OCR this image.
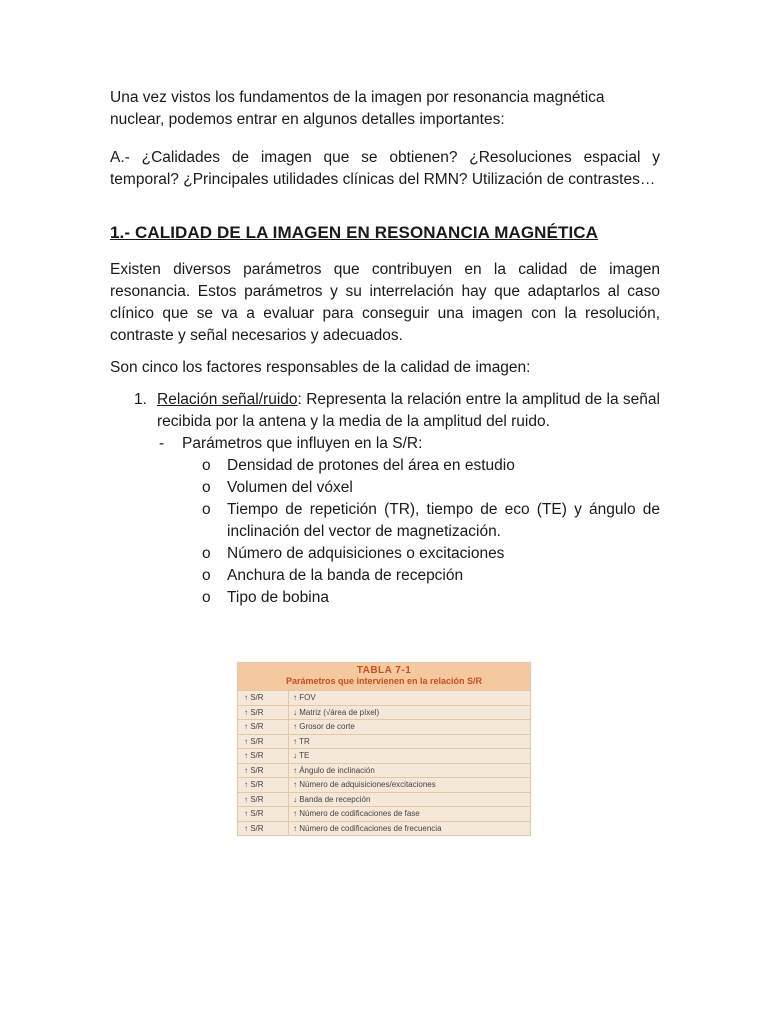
Una vez vistos los fundamentos de la imagen por resonancia magnética nuclear, podemos entrar en algunos detalles importantes:

A.- ¿Calidades de imagen que se obtienen? ¿Resoluciones espacial y temporal? ¿Principales utilidades clínicas del RMN? Utilización de contrastes…

1.- CALIDAD DE LA IMAGEN EN RESONANCIA MAGNÉTICA

Existen diversos parámetros que contribuyen en la calidad de imagen resonancia. Estos parámetros y su interrelación hay que adaptarlos al caso clínico que se va a evaluar para conseguir una imagen con la resolución, contraste y señal necesarios y adecuados.

Son cinco los factores responsables de la calidad de imagen:

1. Relación señal/ruido: Representa la relación entre la amplitud de la señal recibida por la antena y la media de la amplitud del ruido.
- Parámetros que influyen en la S/R:
o Densidad de protones del área en estudio
o Volumen del vóxel
o Tiempo de repetición (TR), tiempo de eco (TE) y ángulo de inclinación del vector de magnetización.
o Número de adquisiciones o excitaciones
o Anchura de la banda de recepción
o Tipo de bobina
TABLA 7-1
Parámetros que intervienen en la relación S/R
↑ S/R	↑ FOV
↑ S/R	↓ Matriz (√área de píxel)
↑ S/R	↑ Grosor de corte
↑ S/R	↑ TR
↑ S/R	↓ TE
↑ S/R	↑ Ángulo de inclinación
↑ S/R	↑ Número de adquisiciones/excitaciones
↑ S/R	↓ Banda de recepción
↑ S/R	↑ Número de codificaciones de fase
↑ S/R	↑ Número de codificaciones de frecuencia
